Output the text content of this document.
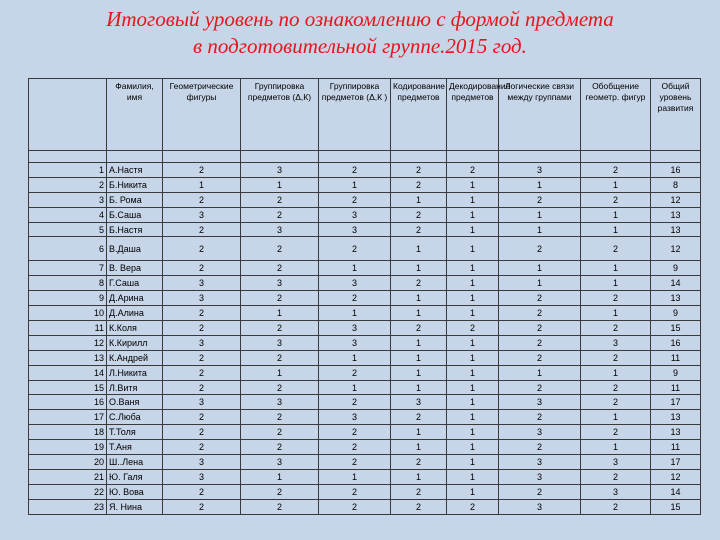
Итоговый уровень по ознакомлению с формой предмета
в подготовительной группе.2015 год.
	Фамилия, имя	Геометрические фигуры	Группировка предметов (Δ,К)	Группировка предметов (Δ,К )	Кодирование предметов	Декодирование предметов	Логические связи между группами	Обобщение геометр. фигур	Общий уровень развития

1	А.Настя	2	3	2	2	2	3	2	16
2	Б.Никита	1	1	1	2	1	1	1	8
3	Б. Рома	2	2	2	1	1	2	2	12
4	Б.Саша	3	2	3	2	1	1	1	13
5	Б.Настя	2	3	3	2	1	1	1	13
6	В.Даша	2	2	2	1	1	2	2	12
7	В. Вера	2	2	1	1	1	1	1	9
8	Г.Саша	3	3	3	2	1	1	1	14
9	Д.Арина	3	2	2	1	1	2	2	13
10	Д.Алина	2	1	1	1	1	2	1	9
11	К.Коля	2	2	3	2	2	2	2	15
12	К.Кирилл	3	3	3	1	1	2	3	16
13	К.Андрей	2	2	1	1	1	2	2	11
14	Л.Никита	2	1	2	1	1	1	1	9
15	Л.Витя	2	2	1	1	1	2	2	11
16	О.Ваня	3	3	2	3	1	3	2	17
17	С.Люба	2	2	3	2	1	2	1	13
18	Т.Толя	2	2	2	1	1	3	2	13
19	Т.Аня	2	2	2	1	1	2	1	11
20	Ш..Лена	3	3	2	2	1	3	3	17
21	Ю. Галя	3	1	1	1	1	3	2	12
22	Ю. Вова	2	2	2	2	1	2	3	14
23	Я. Нина	2	2	2	2	2	3	2	15
